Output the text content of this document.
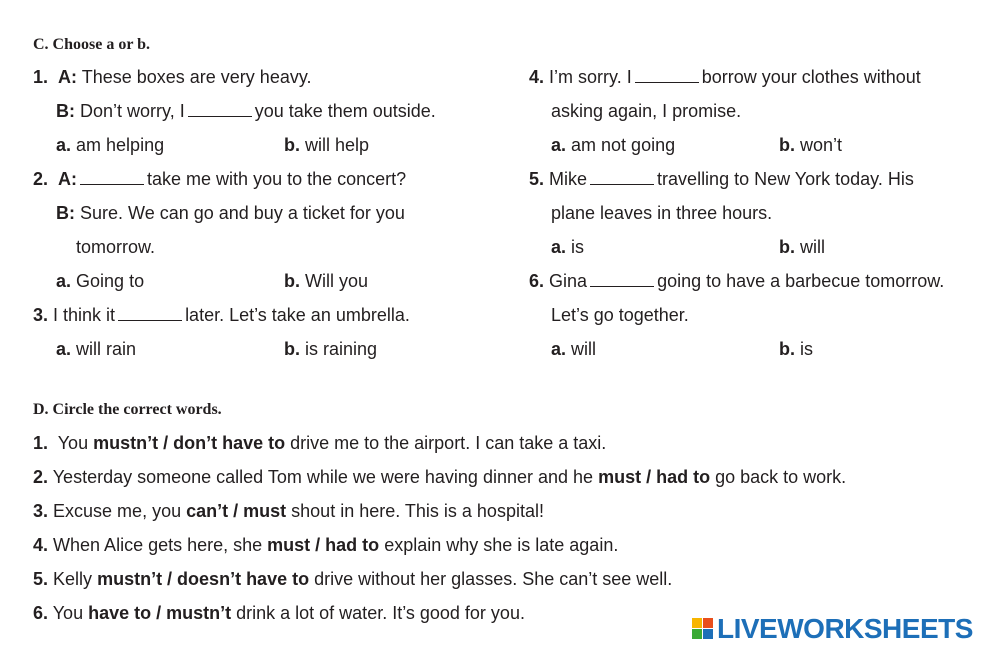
C. Choose a or b.
1. A: These boxes are very heavy.
B: Don’t worry, I	you take them outside.
a. am helping	b. will help
2. A:	take me with you to the concert?
B: Sure. We can go and buy a ticket for you
tomorrow.
a. Going to	b. Will you
3. I think it	later. Let’s take an umbrella.
a. will rain	b. is raining
4. I’m sorry. I	borrow your clothes without
asking again, I promise.
a. am not going	b. won’t
5. Mike	travelling to New York today. His
plane leaves in three hours.
a. is	b. will
6. Gina	going to have a barbecue tomorrow.
Let’s go together.
a. will	b. is
D. Circle the correct words.
1. You mustn’t / don’t have to drive me to the airport. I can take a taxi.
2. Yesterday someone called Tom while we were having dinner and he must / had to go back to work.
3. Excuse me, you can’t / must shout in here. This is a hospital!
4. When Alice gets here, she must / had to explain why she is late again.
5. Kelly mustn’t / doesn’t have to drive without her glasses. She can’t see well.
6. You have to / mustn’t drink a lot of water. It’s good for you.	LIVEWORKSHEETS
